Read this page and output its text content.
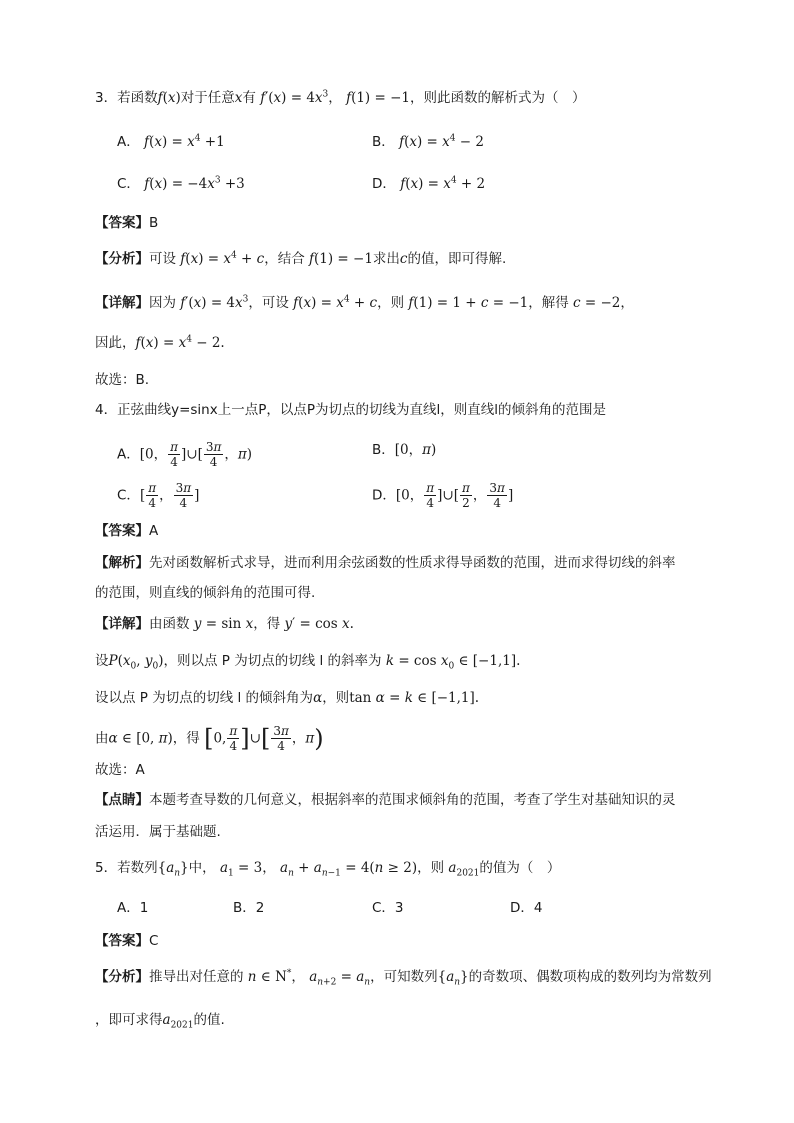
3．若函数f(x)对于任意x有 $f'(x) = 4x^3$， f(1) = −1，则此函数的解析式为（　）
A． $f(x) = x^4 +1$	B． $f(x) = x^4 - 2$
C． $f(x) = -4x^3 +3$	D． $f(x) = x^4 + 2$
【答案】B
【分析】可设 $f(x) = x^4 + c$，结合 f(1) = −1求出c的值，即可得解.
【详解】因为 $f'(x) = 4x^3$，可设 $f(x) = x^4 + c$，则 f(1) = 1 + c = −1，解得 c = −2，
因此，$f(x) = x^4 - 2$.
故选：B.
4．正弦曲线y=sinx上一点P，以点P为切点的切线为直线l，则直线l的倾斜角的范围是
A．[0， $\frac{\pi}{4}$ ]∪[ $\frac{3\pi}{4}$ ，π)	B．[0，π)
C．[ $\frac{\pi}{4}$ ， $\frac{3\pi}{4}$ ]	D．[0， $\frac{\pi}{4}$ ]∪[ $\frac{\pi}{2}$ ， $\frac{3\pi}{4}$ ]
【答案】A
【解析】先对函数解析式求导，进而利用余弦函数的性质求得导函数的范围，进而求得切线的斜率
的范围，则直线的倾斜角的范围可得.
【详解】由函数 y = sin x，得 y′ = cos x.
设$P(x_0$, $y_0$)，则以点 P 为切点的切线 l 的斜率为 $k = \cos x_0$ ∈ [−1,1].
设以点 P 为切点的切线 l 的倾斜角为α，则tan α = k ∈ [−1,1].
由α ∈ [0, π)，得 [0, $\frac{\pi}{4}$ ]∪[ $\frac{3\pi}{4}$ ，π)
故选：A
【点睛】本题考查导数的几何意义，根据斜率的范围求倾斜角的范围，考查了学生对基础知识的灵
活运用．属于基础题.
5．若数列$\{a_n\}$中， $a_1 = 3$， $a_n + a_{n-1} = 4(n \ge 2)$，则 $a_{2021}$的值为（　）
A．1	B．2	C．3	D．4
【答案】C
【分析】推导出对任意的 n ∈ N*， $a_{n+2} = a_n$，可知数列$\{a_n\}$的奇数项、偶数项构成的数列均为常数列
，即可求得$a_{2021}$的值.
